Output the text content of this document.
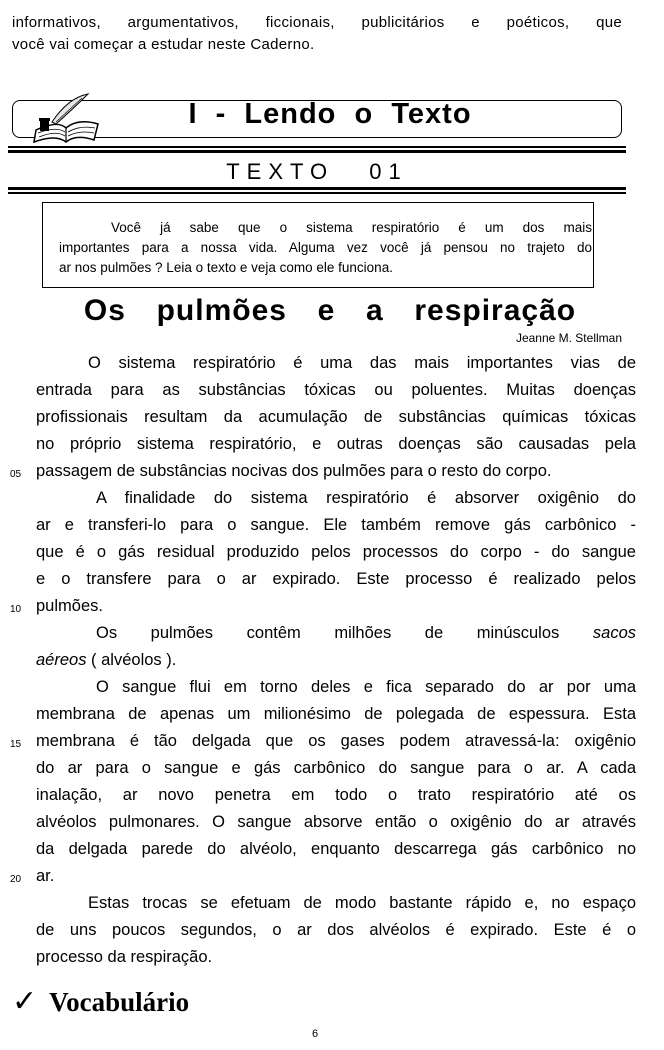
informativos, argumentativos, ficcionais, publicitários e poéticos, que
você vai começar a estudar neste Caderno.
I  -  Lendo  o  Texto
TEXTO 01
Você já sabe que o sistema respiratório é um dos mais
importantes para a nossa vida. Alguma vez você já pensou no trajeto do
ar nos pulmões ? Leia o texto e veja como ele funciona.
Os  pulmões  e  a  respiração
Jeanne M. Stellman
O sistema respiratório é uma das mais importantes vias de
entrada para as substâncias tóxicas ou poluentes. Muitas doenças
profissionais resultam da acumulação de substâncias químicas tóxicas
no próprio sistema respiratório, e outras doenças são causadas pela
passagem de substâncias nocivas dos pulmões para o resto do corpo.
A finalidade do sistema respiratório é absorver oxigênio do
ar e transferi-lo para o sangue. Ele também remove gás carbônico -
que é o gás residual produzido pelos processos do corpo - do sangue
e o transfere para o ar expirado. Este processo é realizado pelos
pulmões.
Os pulmões contêm milhões de minúsculos sacos
aéreos ( alvéolos ).
O sangue flui em torno deles e fica separado do ar por uma
membrana de apenas um milionésimo de polegada de espessura. Esta
membrana é tão delgada que os gases podem atravessá-la: oxigênio
do ar para o sangue e gás carbônico do sangue para o ar. A cada
inalação, ar novo penetra em todo o trato respiratório até os
alvéolos pulmonares. O sangue absorve então o oxigênio do ar através
da delgada parede do alvéolo, enquanto descarrega gás carbônico no
ar.
Estas trocas se efetuam de modo bastante rápido e, no espaço
de uns poucos segundos, o ar dos alvéolos é expirado. Este é o
processo da respiração.
05
10
15
20
✓ Vocabulário
6
